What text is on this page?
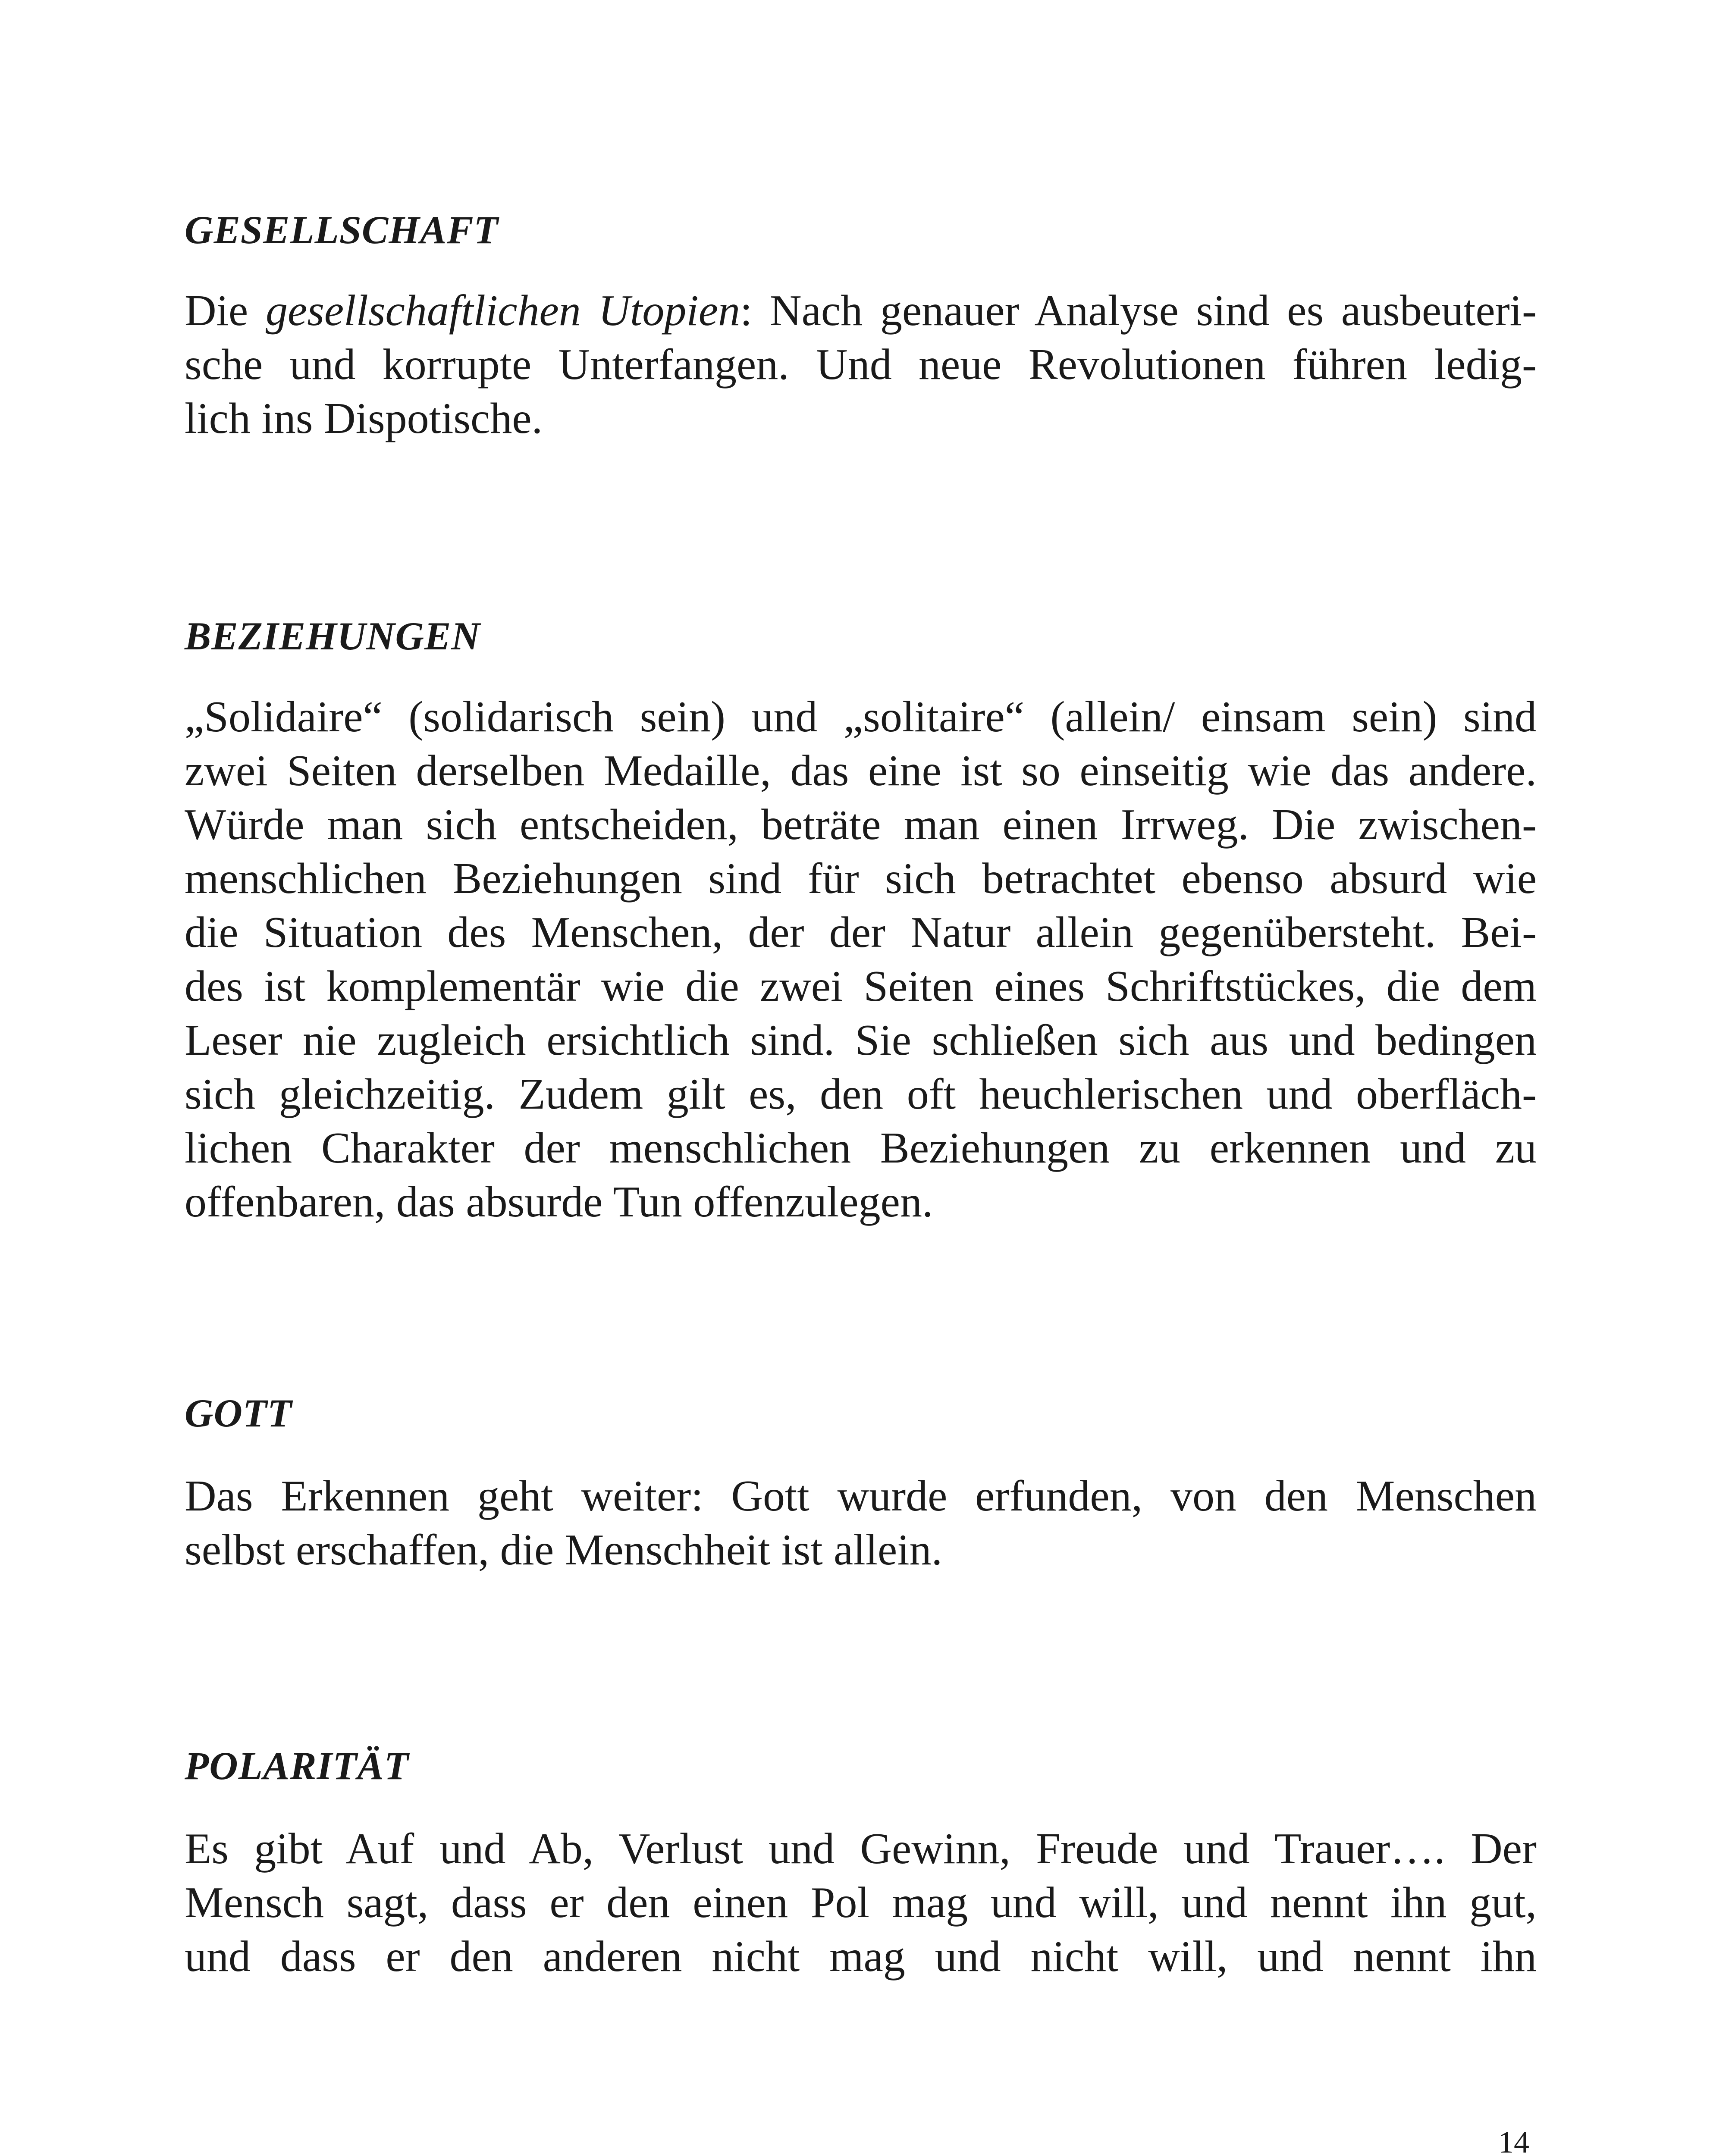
GESELLSCHAFT

Die gesellschaftlichen Utopien: Nach genauer Analyse sind es ausbeuteri-
sche und korrupte Unterfangen. Und neue Revolutionen führen ledig-
lich ins Dispotische.

BEZIEHUNGEN

„Solidaire“ (solidarisch sein) und „solitaire“ (allein/ einsam sein) sind
zwei Seiten derselben Medaille, das eine ist so einseitig wie das andere.
Würde man sich entscheiden, beträte man einen Irrweg. Die zwischen-
menschlichen Beziehungen sind für sich betrachtet ebenso absurd wie
die Situation des Menschen, der der Natur allein gegenübersteht. Bei-
des ist komplementär wie die zwei Seiten eines Schriftstückes, die dem
Leser nie zugleich ersichtlich sind. Sie schließen sich aus und bedingen
sich gleichzeitig. Zudem gilt es, den oft heuchlerischen und oberfläch-
lichen Charakter der menschlichen Beziehungen zu erkennen und zu
offenbaren, das absurde Tun offenzulegen.

GOTT

Das Erkennen geht weiter: Gott wurde erfunden, von den Menschen
selbst erschaffen, die Menschheit ist allein.

POLARITÄT

Es gibt Auf und Ab, Verlust und Gewinn, Freude und Trauer…. Der
Mensch sagt, dass er den einen Pol mag und will, und nennt ihn gut,
und dass er den anderen nicht mag und nicht will, und nennt ihn

14
